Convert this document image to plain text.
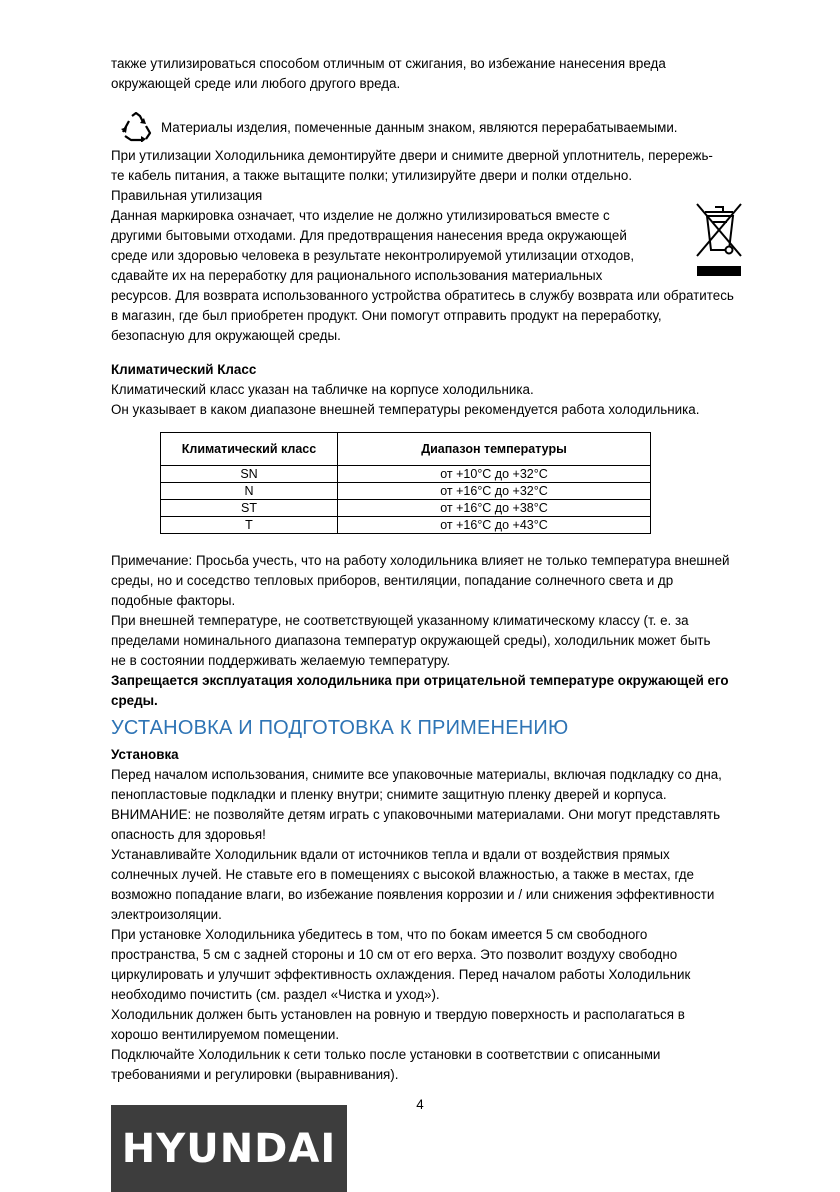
также утилизироваться способом отличным от сжигания, во избежание нанесения вреда

окружающей среде или любого другого вреда.

Материалы изделия, помеченные данным знаком, являются перерабатываемыми.

При утилизации Холодильника демонтируйте двери и снимите дверной уплотнитель, перережь-

те кабель питания, а также вытащите полки; утилизируйте двери и полки отдельно.

Правильная утилизация

Данная маркировка означает, что изделие не должно утилизироваться вместе с

другими бытовыми отходами. Для предотвращения нанесения вреда окружающей

среде или здоровью человека в результате неконтролируемой утилизации отходов,

сдавайте их на переработку для рационального использования материальных

ресурсов. Для возврата использованного устройства обратитесь в службу возврата или обратитесь

в магазин, где был приобретен продукт. Они помогут отправить продукт на переработку,

безопасную для окружающей среды.

Климатический Класс

Климатический класс указан на табличке на корпусе холодильника.

Он указывает в каком диапазоне внешней температуры рекомендуется работа холодильника.

Климатический класс	Диапазон температуры
SN	от +10°C до +32°C
N	от +16°C до +32°C
ST	от +16°C до +38°C
T	от +16°C до +43°C

Примечание: Просьба учесть, что на работу холодильника влияет не только температура внешней

среды, но и соседство тепловых приборов, вентиляции, попадание солнечного света и др

подобные факторы.

При внешней температуре, не соответствующей указанному климатическому классу (т. е. за

пределами номинального диапазона температур окружающей среды), холодильник может быть

не в состоянии поддерживать желаемую температуру.

Запрещается эксплуатация холодильника при отрицательной температуре окружающей его

среды.

УСТАНОВКА И ПОДГОТОВКА К ПРИМЕНЕНИЮ

Установка

Перед началом использования, снимите все упаковочные материалы, включая подкладку со дна,

пенопластовые подкладки и пленку внутри; снимите защитную пленку дверей и корпуса.

ВНИМАНИЕ: не позволяйте детям играть с упаковочными материалами. Они могут представлять

опасность для здоровья!

Устанавливайте Холодильник вдали от источников тепла и вдали от воздействия прямых

солнечных лучей. Не ставьте его в помещениях с высокой влажностью, а также в местах, где

возможно попадание влаги, во избежание появления коррозии и / или снижения эффективности

электроизоляции.

При установке Холодильника убедитесь в том, что по бокам имеется 5 см свободного

пространства, 5 см с задней стороны и 10 см от его верха. Это позволит воздуху свободно

циркулировать и улучшит эффективность охлаждения. Перед началом работы Холодильник

необходимо почистить (см. раздел «Чистка и уход»).

Холодильник должен быть установлен на ровную и твердую поверхность и располагаться в

хорошо вентилируемом помещении.

Подключайте Холодильник к сети только после установки в соответствии с описанными

требованиями и регулировки (выравнивания).

4
HYUNDAI
